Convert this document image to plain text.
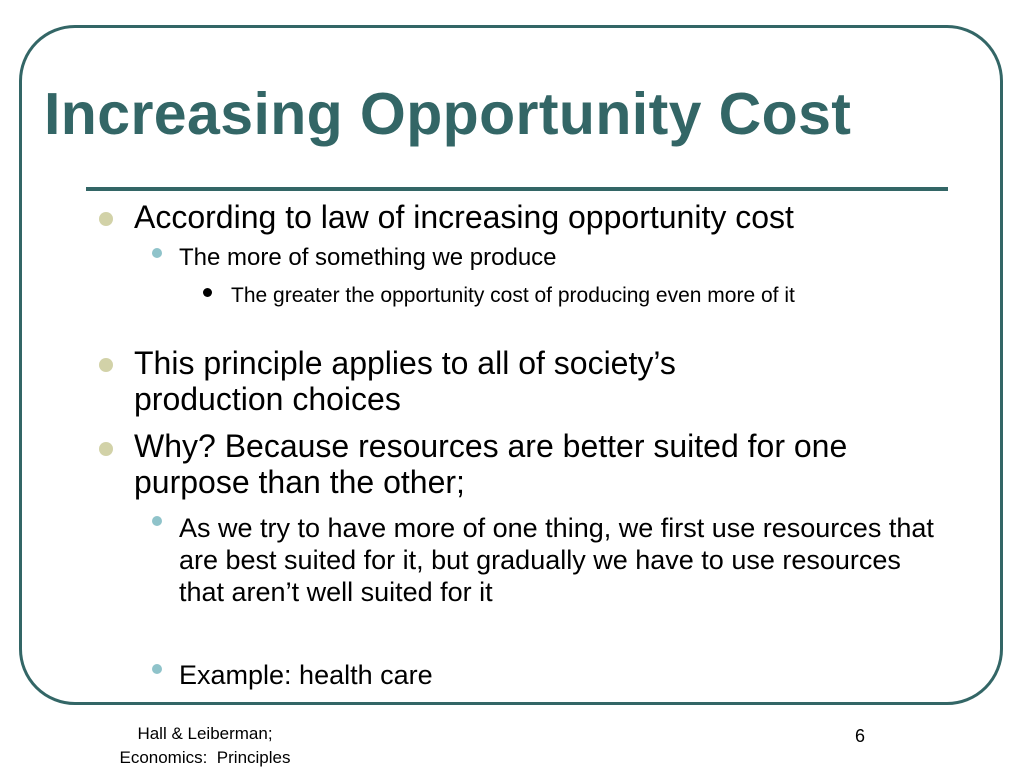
Increasing Opportunity Cost
According to law of increasing opportunity cost
The more of something we produce
The greater the opportunity cost of producing even more of it
This principle applies to all of society’s production choices
Why? Because resources are better suited for one purpose than the other;
As we try to have more of one thing, we first use resources that are best suited for it, but gradually we have to use resources that aren’t well suited for it
Example: health care
Hall & Leiberman;
Economics:  Principles
6
